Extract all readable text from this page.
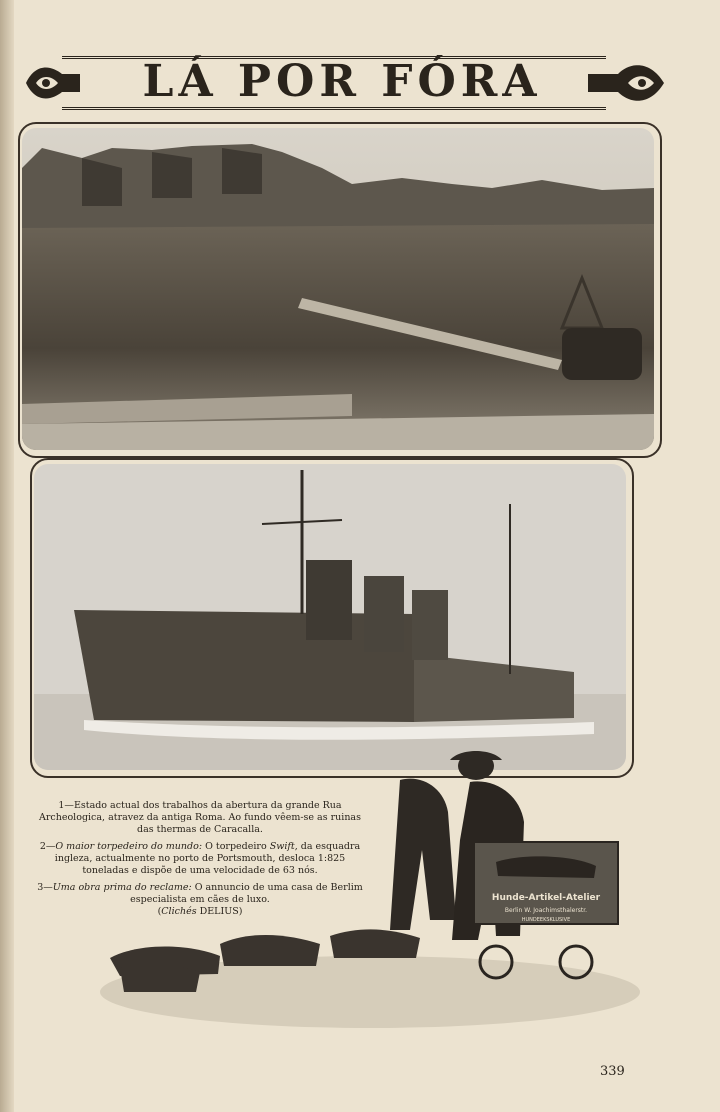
LÁ POR FÓRA

1—Estado actual dos trabalhos da abertura da grande Rua Archeologica, atravez da antiga Roma. Ao fundo vêem-se as ruinas das thermas de Caracalla.

2—O maior torpedeiro do mundo: O torpedeiro Swift, da esquadra ingleza, actualmente no porto de Portsmouth, desloca 1:825 toneladas e dispõe de uma velocidade de 63 nós.

3—Uma obra prima do reclame: O annuncio de uma casa de Berlim especialista em cães de luxo.
(Clichés DELIUS)

Hunde-Artikel-Atelier
Berlin W. Joachimsthalerstr.
HUNDEEKSKLUSIVE
339
